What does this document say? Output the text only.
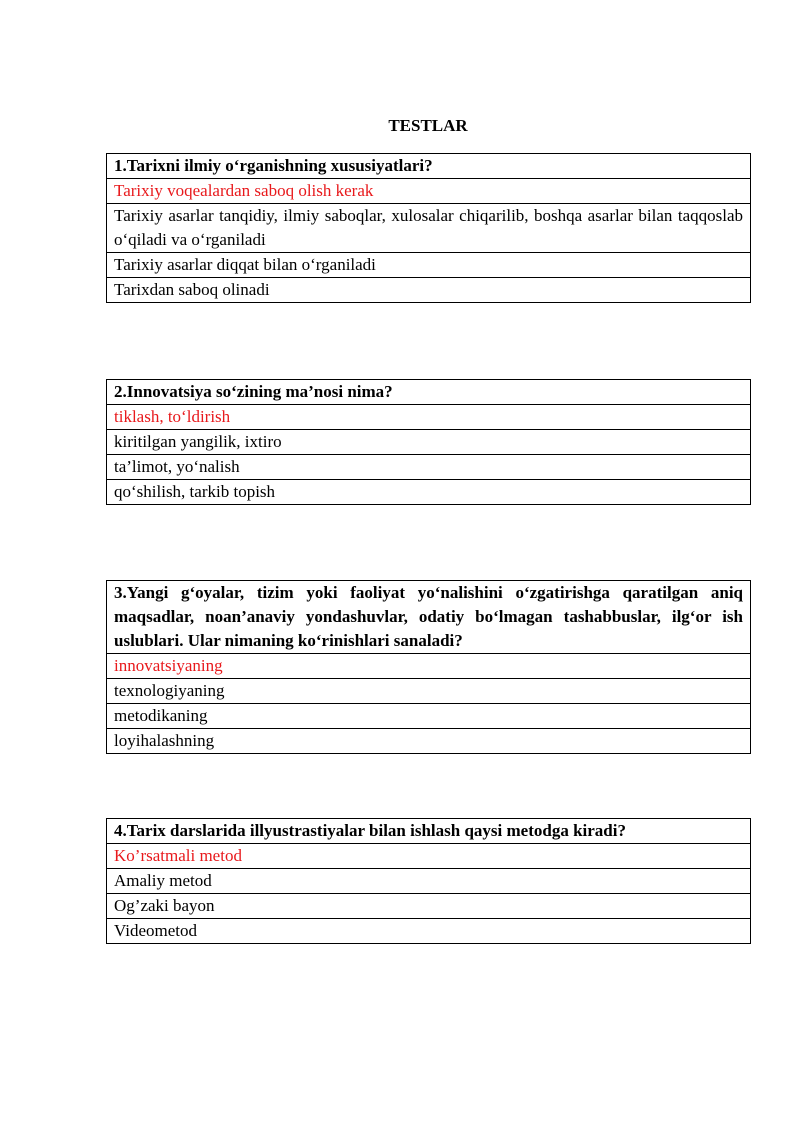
TESTLAR
1.Tarixni ilmiy o‘rganishning xususiyatlari?
Tarixiy voqealardan saboq olish kerak
Tarixiy asarlar tanqidiy, ilmiy saboqlar, xulosalar chiqarilib, boshqa asarlar bilan taqqoslab o‘qiladi va o‘rganiladi
Tarixiy asarlar diqqat bilan o‘rganiladi
Tarixdan saboq olinadi
2.Innovatsiya so‘zining ma’nosi nima?
tiklash, to‘ldirish
kiritilgan yangilik, ixtiro
ta’limot, yo‘nalish
qo‘shilish, tarkib topish
3.Yangi g‘oyalar, tizim yoki faoliyat yo‘nalishini o‘zgatirishga qaratilgan aniq maqsadlar, noan’anaviy yondashuvlar, odatiy bo‘lmagan tashabbuslar, ilg‘or ish uslublari. Ular nimaning ko‘rinishlari sanaladi?
innovatsiyaning
texnologiyaning
metodikaning
loyihalashning
4.Tarix darslarida illyustrastiyalar bilan ishlash qaysi metodga kiradi?
Ko’rsatmali metod
Amaliy metod
Og’zaki bayon
Videometod
